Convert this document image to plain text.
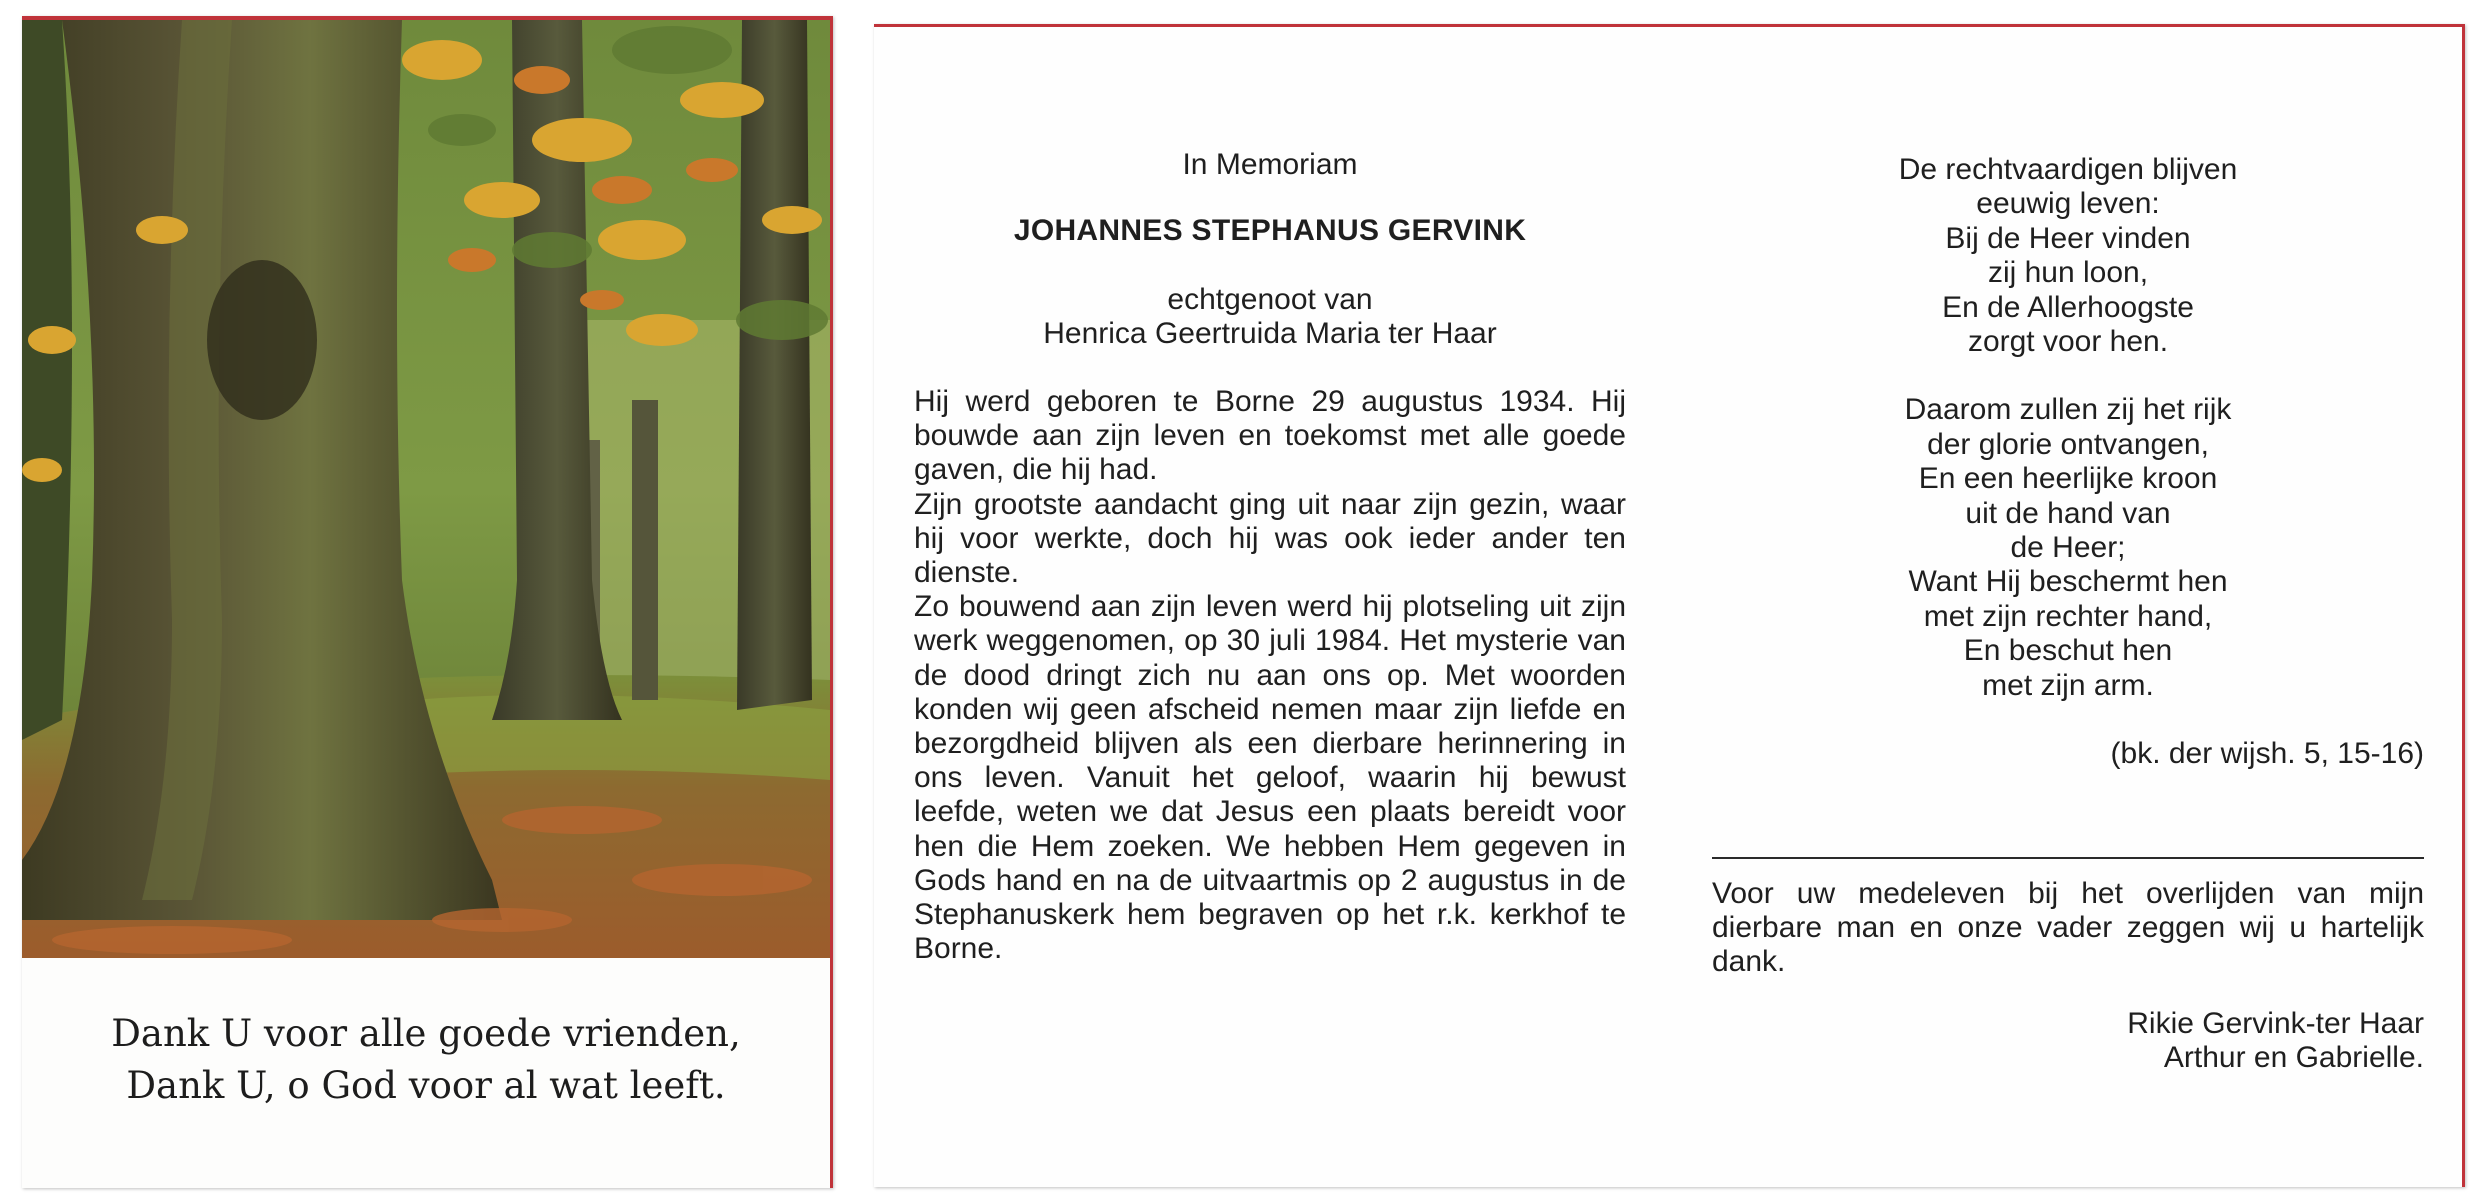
Dank U voor alle goede vrienden,
Dank U, o God voor al wat leeft.

In Memoriam

JOHANNES STEPHANUS GERVINK

echtgenoot van
Henrica Geertruida Maria ter Haar
Hij werd geboren te Borne 29 augustus 1934. Hij bouwde aan zijn leven en toekomst met alle goede gaven, die hij had.
Zijn grootste aandacht ging uit naar zijn gezin, waar hij voor werkte, doch hij was ook ieder ander ten dienste.
Zo bouwend aan zijn leven werd hij plotseling uit zijn werk weggenomen, op 30 juli 1984. Het mysterie van de dood dringt zich nu aan ons op. Met woorden konden wij geen afscheid nemen maar zijn liefde en bezorgdheid blijven als een dierbare herinnering in ons leven. Vanuit het geloof, waarin hij bewust leefde, weten we dat Jesus een plaats bereidt voor hen die Hem zoeken. We hebben Hem gegeven in Gods hand en na de uitvaartmis op 2 augustus in de Stephanuskerk hem begraven op het r.k. kerkhof te Borne.
De rechtvaardigen blijven
eeuwig leven:
Bij de Heer vinden
zij hun loon,
En de Allerhoogste
zorgt voor hen.
Daarom zullen zij het rijk
der glorie ontvangen,
En een heerlijke kroon
uit de hand van
de Heer;
Want Hij beschermt hen
met zijn rechter hand,
En beschut hen
met zijn arm.
(bk. der wijsh. 5, 15-16)
Voor uw medeleven bij het overlijden van mijn dierbare man en onze vader zeggen wij u hartelijk dank.
Rikie Gervink-ter Haar
Arthur en Gabrielle.
